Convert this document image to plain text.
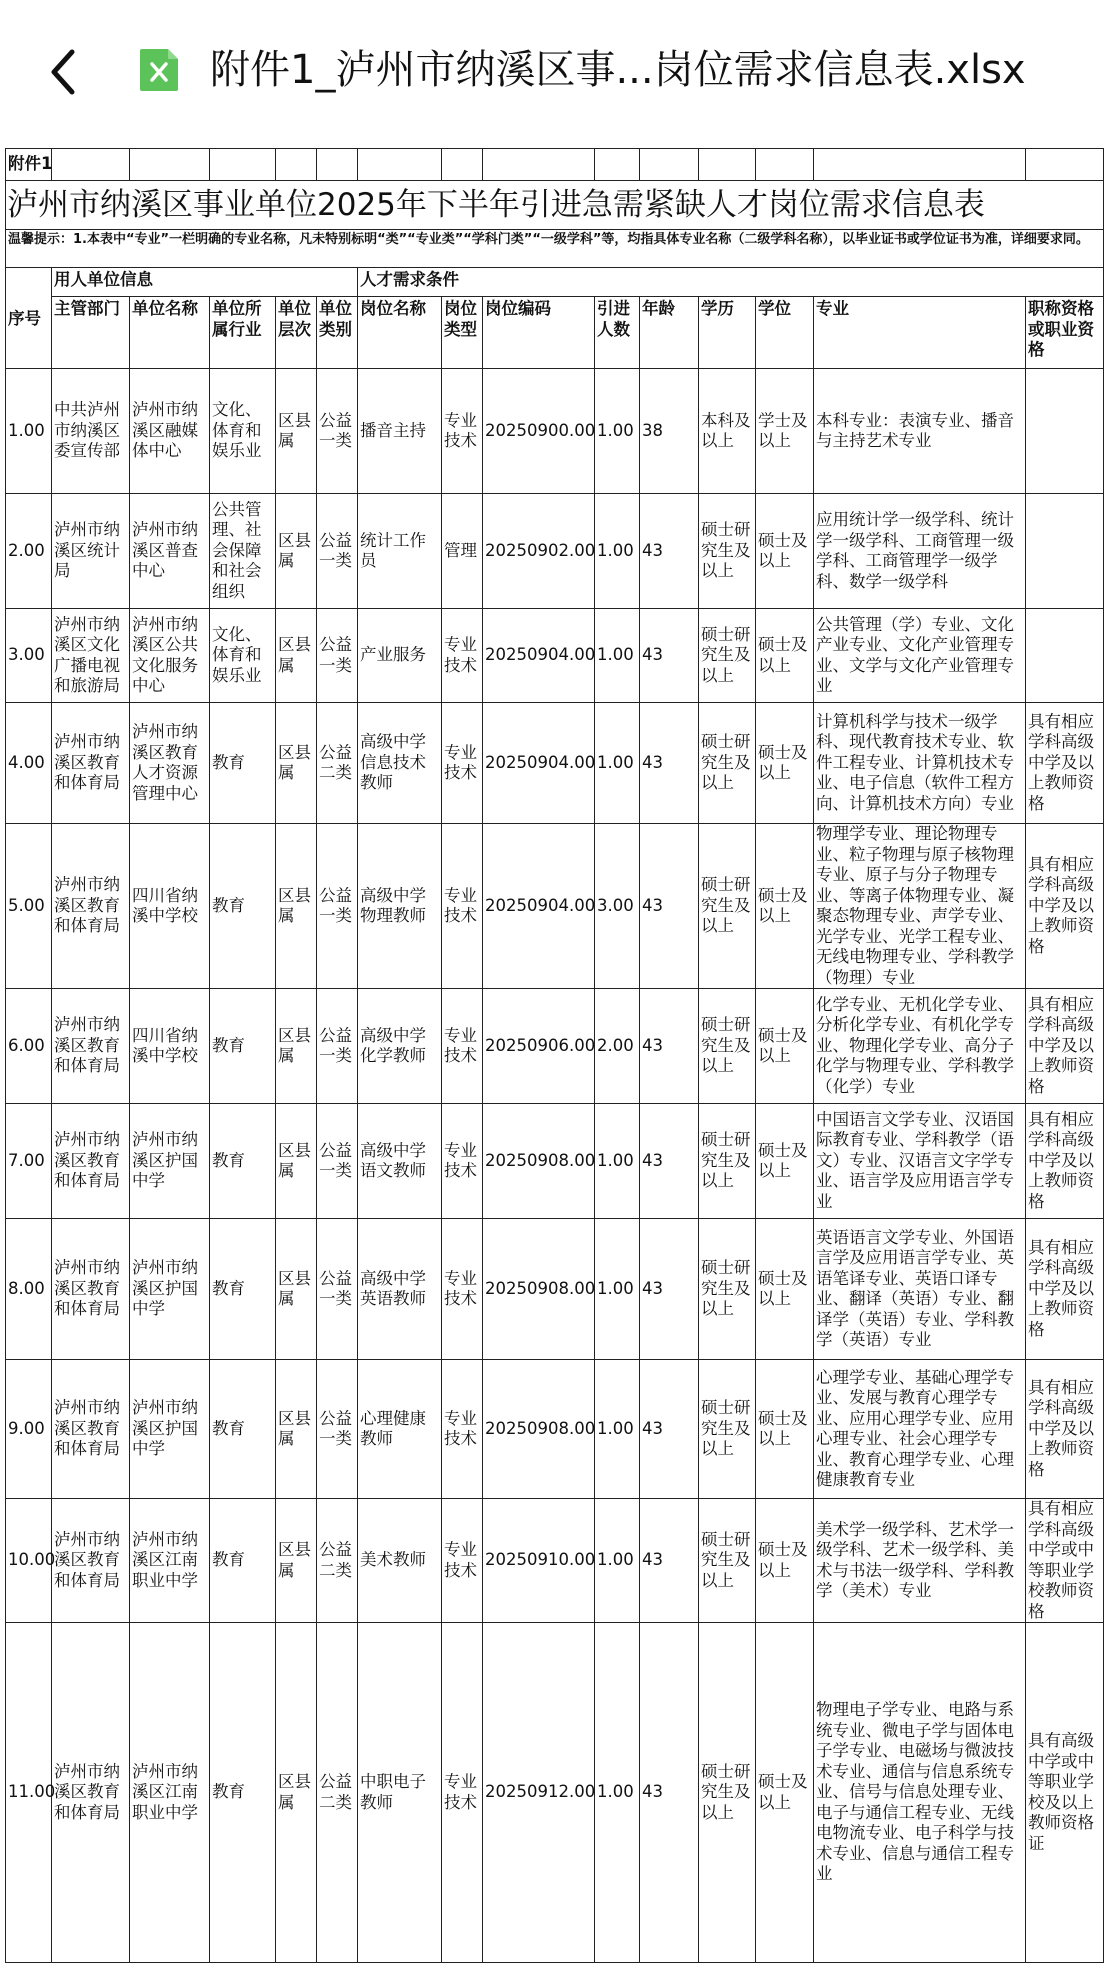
附件1_泸州市纳溪区事...岗位需求信息表.xlsx
附件1														
泸州市纳溪区事业单位2025年下半年引进急需紧缺人才岗位需求信息表														
温馨提示：1.本表中“专业”一栏明确的专业名称，凡未特别标明“类”“专业类”“学科门类”“一级学科”等，均指具体专业名称（二级学科名称），以毕业证书或学位证书为准，详细要求同。														
序号	用人单位信息					人才需求条件								
	主管部门	单位名称	单位所属行业	单位层次	单位类别	岗位名称	岗位类型	岗位编码	引进人数	年龄	学历	学位	专业	职称资格或职业资格
1.00	中共泸州市纳溪区委宣传部	泸州市纳溪区融媒体中心	文化、体育和娱乐业	区县属	公益一类	播音主持	专业技术	20250900.00	1.00	38	本科及以上	学士及以上	本科专业：表演专业、播音与主持艺术专业	
2.00	泸州市纳溪区统计局	泸州市纳溪区普查中心	公共管理、社会保障和社会组织	区县属	公益一类	统计工作员	管理	20250902.00	1.00	43	硕士研究生及以上	硕士及以上	应用统计学一级学科、统计学一级学科、工商管理一级学科、工商管理学一级学科、数学一级学科	
3.00	泸州市纳溪区文化广播电视和旅游局	泸州市纳溪区公共文化服务中心	文化、体育和娱乐业	区县属	公益一类	产业服务	专业技术	20250904.00	1.00	43	硕士研究生及以上	硕士及以上	公共管理（学）专业、文化产业专业、文化产业管理专业、文学与文化产业管理专业	
4.00	泸州市纳溪区教育和体育局	泸州市纳溪区教育人才资源管理中心	教育	区县属	公益二类	高级中学信息技术教师	专业技术	20250904.00	1.00	43	硕士研究生及以上	硕士及以上	计算机科学与技术一级学科、现代教育技术专业、软件工程专业、计算机技术专业、电子信息（软件工程方向、计算机技术方向）专业	具有相应学科高级中学及以上教师资格
5.00	泸州市纳溪区教育和体育局	四川省纳溪中学校	教育	区县属	公益一类	高级中学物理教师	专业技术	20250904.00	3.00	43	硕士研究生及以上	硕士及以上	物理学专业、理论物理专业、粒子物理与原子核物理专业、原子与分子物理专业、等离子体物理专业、凝聚态物理专业、声学专业、光学专业、光学工程专业、无线电物理专业、学科教学（物理）专业	具有相应学科高级中学及以上教师资格
6.00	泸州市纳溪区教育和体育局	四川省纳溪中学校	教育	区县属	公益一类	高级中学化学教师	专业技术	20250906.00	2.00	43	硕士研究生及以上	硕士及以上	化学专业、无机化学专业、分析化学专业、有机化学专业、物理化学专业、高分子化学与物理专业、学科教学（化学）专业	具有相应学科高级中学及以上教师资格
7.00	泸州市纳溪区教育和体育局	泸州市纳溪区护国中学	教育	区县属	公益一类	高级中学语文教师	专业技术	20250908.00	1.00	43	硕士研究生及以上	硕士及以上	中国语言文学专业、汉语国际教育专业、学科教学（语文）专业、汉语言文字学专业、语言学及应用语言学专业	具有相应学科高级中学及以上教师资格
8.00	泸州市纳溪区教育和体育局	泸州市纳溪区护国中学	教育	区县属	公益一类	高级中学英语教师	专业技术	20250908.00	1.00	43	硕士研究生及以上	硕士及以上	英语语言文学专业、外国语言学及应用语言学专业、英语笔译专业、英语口译专业、翻译（英语）专业、翻译学（英语）专业、学科教学（英语）专业	具有相应学科高级中学及以上教师资格
9.00	泸州市纳溪区教育和体育局	泸州市纳溪区护国中学	教育	区县属	公益一类	心理健康教师	专业技术	20250908.00	1.00	43	硕士研究生及以上	硕士及以上	心理学专业、基础心理学专业、发展与教育心理学专业、应用心理学专业、应用心理专业、社会心理学专业、教育心理学专业、心理健康教育专业	具有相应学科高级中学及以上教师资格
10.00	泸州市纳溪区教育和体育局	泸州市纳溪区江南职业中学	教育	区县属	公益二类	美术教师	专业技术	20250910.00	1.00	43	硕士研究生及以上	硕士及以上	美术学一级学科、艺术学一级学科、艺术一级学科、美术与书法一级学科、学科教学（美术）专业	具有相应学科高级中学或中等职业学校教师资格
11.00	泸州市纳溪区教育和体育局	泸州市纳溪区江南职业中学	教育	区县属	公益二类	中职电子教师	专业技术	20250912.00	1.00	43	硕士研究生及以上	硕士及以上	物理电子学专业、电路与系统专业、微电子学与固体电子学专业、电磁场与微波技术专业、通信与信息系统专业、信号与信息处理专业、电子与通信工程专业、无线电物流专业、电子科学与技术专业、信息与通信工程专业	具有高级中学或中等职业学校及以上教师资格证
